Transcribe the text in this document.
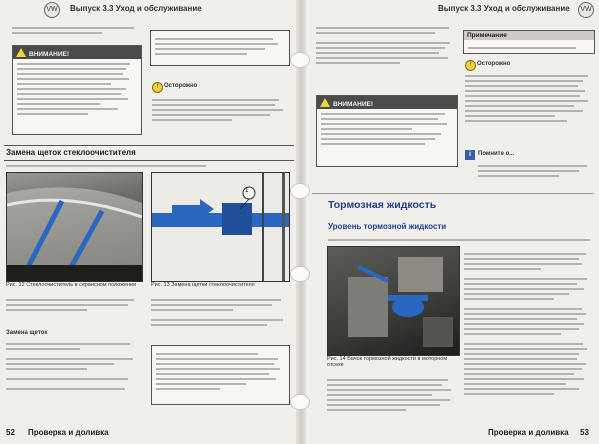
Выпуск 3.3 Уход и обслуживание
VW
ВНИМАНИЕ!
! Осторожно
Замена щеток стеклоочистителя
1
Рис. 12 Стеклоочиститель в сервисном положении	Рис. 13 Замена щетки стеклоочистителя
Замена щеток
52 Проверка и доливка
Выпуск 3.3 Уход и обслуживание	VW
ВНИМАНИЕ!
Примечание
! Осторожно
i	Помните о...
Тормозная жидкость
Уровень тормозной жидкости
Рис. 14 Бачок тормозной жидкости в моторном отсеке
Проверка и доливка 53
